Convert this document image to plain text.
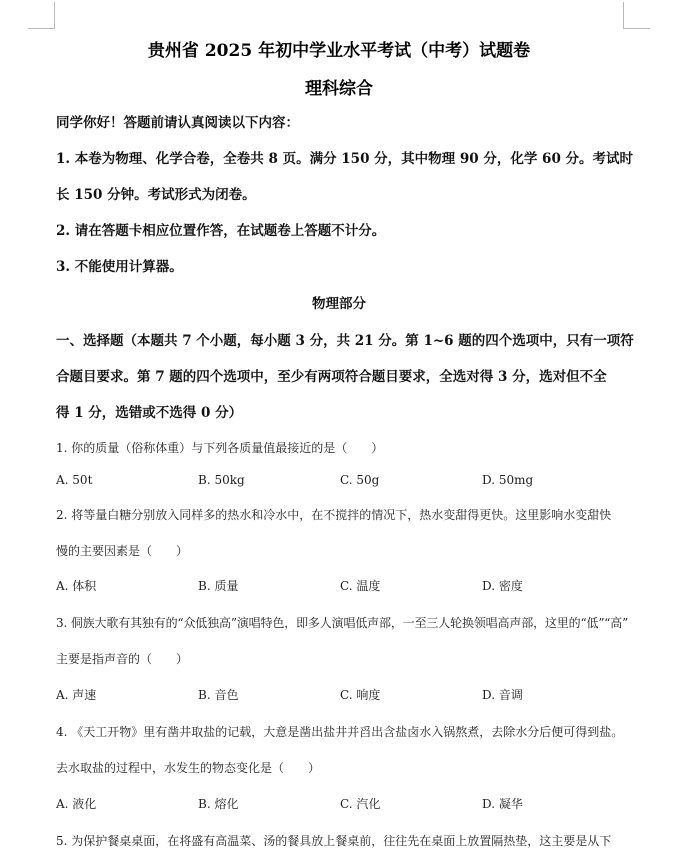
贵州省 2025 年初中学业水平考试（中考）试题卷
理科综合
同学你好！答题前请认真阅读以下内容：
1. 本卷为物理、化学合卷，全卷共 8 页。满分 150 分，其中物理 90 分，化学 60 分。考试时
长 150 分钟。考试形式为闭卷。
2. 请在答题卡相应位置作答，在试题卷上答题不计分。
3. 不能使用计算器。
物理部分
一、选择题（本题共 7 个小题，每小题 3 分，共 21 分。第 1~6 题的四个选项中，只有一项符
合题目要求。第 7 题的四个选项中，至少有两项符合题目要求，全选对得 3 分，选对但不全
得 1 分，选错或不选得 0 分）
1. 你的质量（俗称体重）与下列各质量值最接近的是（　　）
A. 50t	B. 50kg	C. 50g	D. 50mg
2. 将等量白糖分别放入同样多的热水和冷水中，在不搅拌的情况下，热水变甜得更快。这里影响水变甜快
慢的主要因素是（　　）
A. 体积	B. 质量	C. 温度	D. 密度
3. 侗族大歌有其独有的“众低独高”演唱特色，即多人演唱低声部，一至三人轮换领唱高声部，这里的“低”“高”
主要是指声音的（　　）
A. 声速	B. 音色	C. 响度	D. 音调
4. 《天工开物》里有凿井取盐的记载，大意是凿出盐井并舀出含盐卤水入锅熬煮，去除水分后便可得到盐。
去水取盐的过程中，水发生的物态变化是（　　）
A. 液化	B. 熔化	C. 汽化	D. 凝华
5. 为保护餐桌桌面，在将盛有高温菜、汤的餐具放上餐桌前，往往先在桌面上放置隔热垫，这主要是从下
